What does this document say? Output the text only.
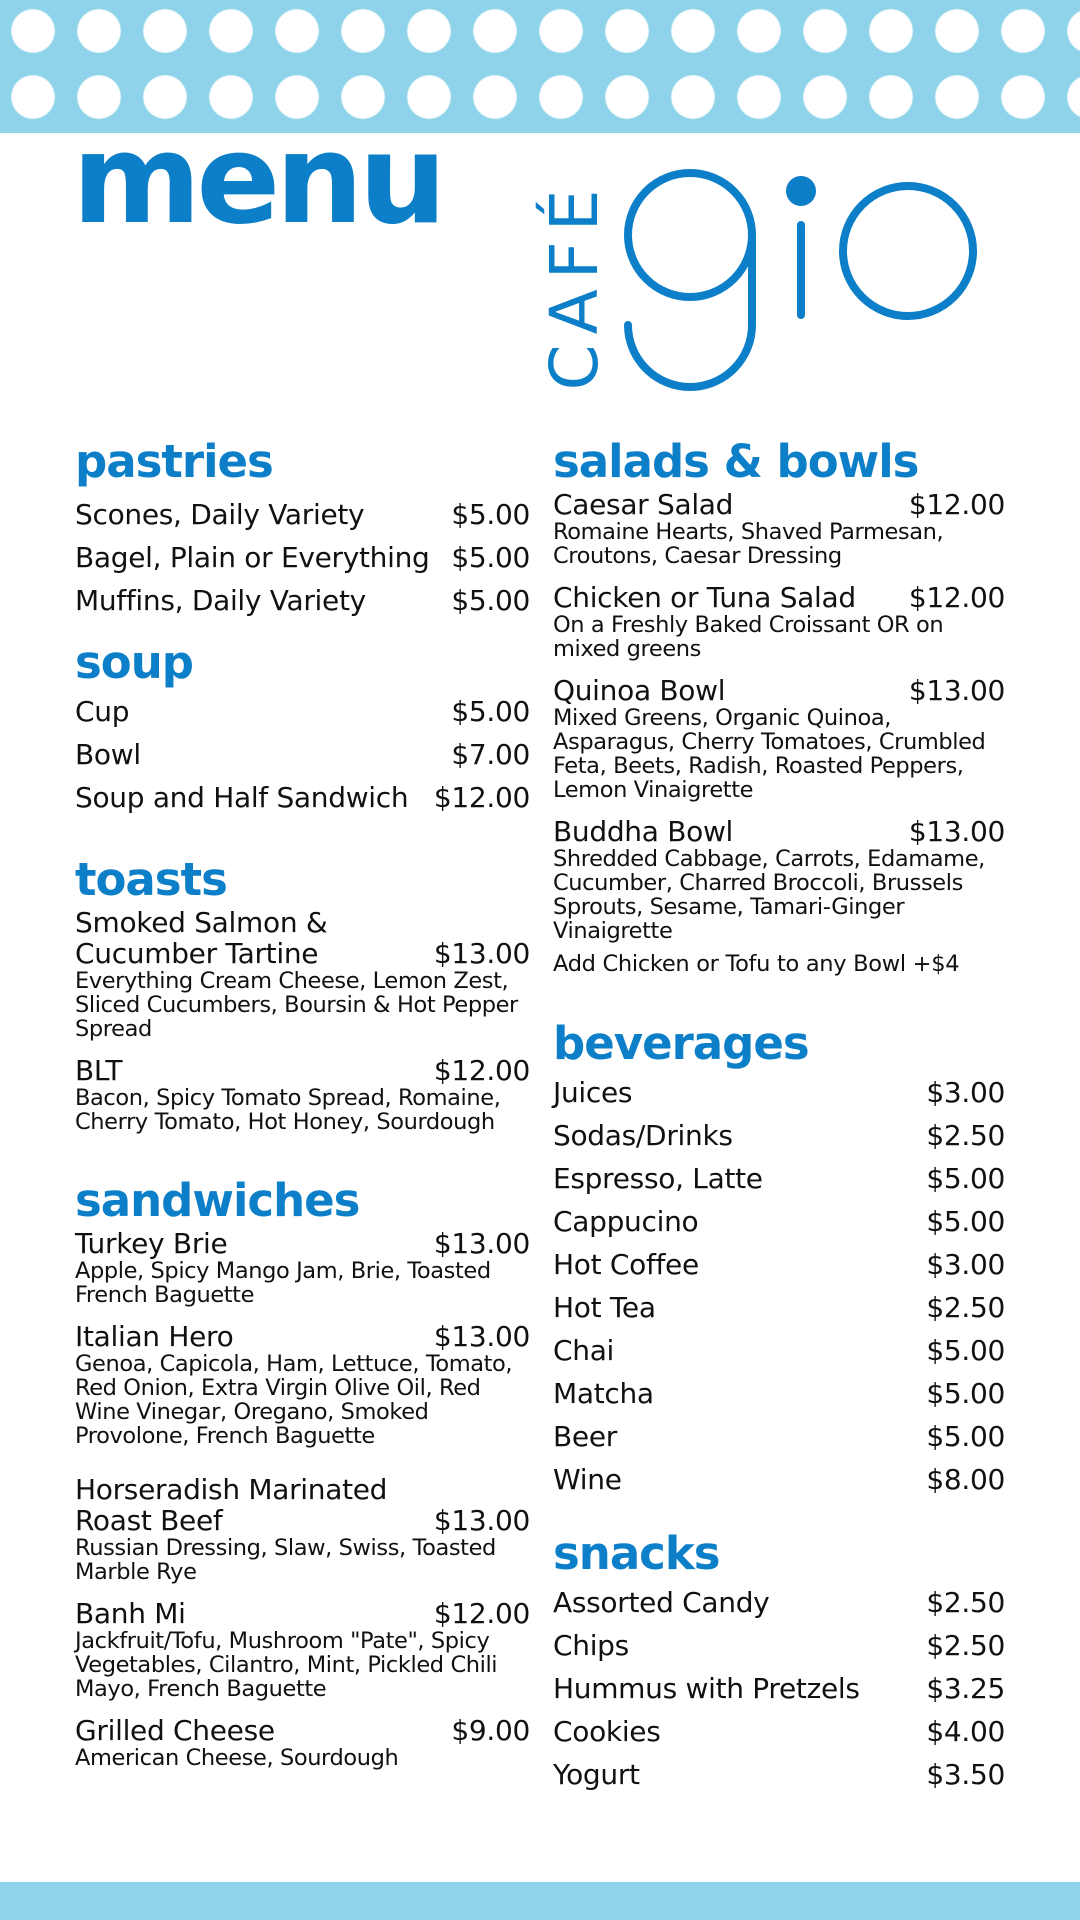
menu CAFÉ
pastries
Scones, Daily Variety	$5.00
Bagel, Plain or Everything $5.00
Muffins, Daily Variety	$5.00
soup
Cup	$5.00
Bowl	$7.00
Soup and Half Sandwich $12.00
toasts
Smoked Salmon &
Cucumber Tartine	$13.00
Everything Cream Cheese, Lemon Zest, Sliced Cucumbers, Boursin & Hot Pepper Spread
BLT	$12.00
Bacon, Spicy Tomato Spread, Romaine, Cherry Tomato, Hot Honey, Sourdough
sandwiches
Turkey Brie	$13.00
Apple, Spicy Mango Jam, Brie, Toasted French Baguette
Italian Hero	$13.00
Genoa, Capicola, Ham, Lettuce, Tomato, Red Onion, Extra Virgin Olive Oil, Red Wine Vinegar, Oregano, Smoked Provolone, French Baguette
Horseradish Marinated
Roast Beef	$13.00
Russian Dressing, Slaw, Swiss, Toasted Marble Rye
Banh Mi	$12.00
Jackfruit/Tofu, Mushroom "Pate", Spicy Vegetables, Cilantro, Mint, Pickled Chili Mayo, French Baguette
Grilled Cheese	$9.00
American Cheese, Sourdough
salads & bowls
Caesar Salad	$12.00
Romaine Hearts, Shaved Parmesan, Croutons, Caesar Dressing
Chicken or Tuna Salad $12.00
On a Freshly Baked Croissant OR on mixed greens
Quinoa Bowl	$13.00
Mixed Greens, Organic Quinoa, Asparagus, Cherry Tomatoes, Crumbled Feta, Beets, Radish, Roasted Peppers, Lemon Vinaigrette
Buddha Bowl	$13.00
Shredded Cabbage, Carrots, Edamame, Cucumber, Charred Broccoli, Brussels Sprouts, Sesame, Tamari-Ginger Vinaigrette
Add Chicken or Tofu to any Bowl +$4
beverages
Juices	$3.00
Sodas/Drinks	$2.50
Espresso, Latte	$5.00
Cappucino	$5.00
Hot Coffee	$3.00
Hot Tea	$2.50
Chai	$5.00
Matcha	$5.00
Beer	$5.00
Wine	$8.00
snacks
Assorted Candy	$2.50
Chips	$2.50
Hummus with Pretzels $3.25
Cookies	$4.00
Yogurt	$3.50
